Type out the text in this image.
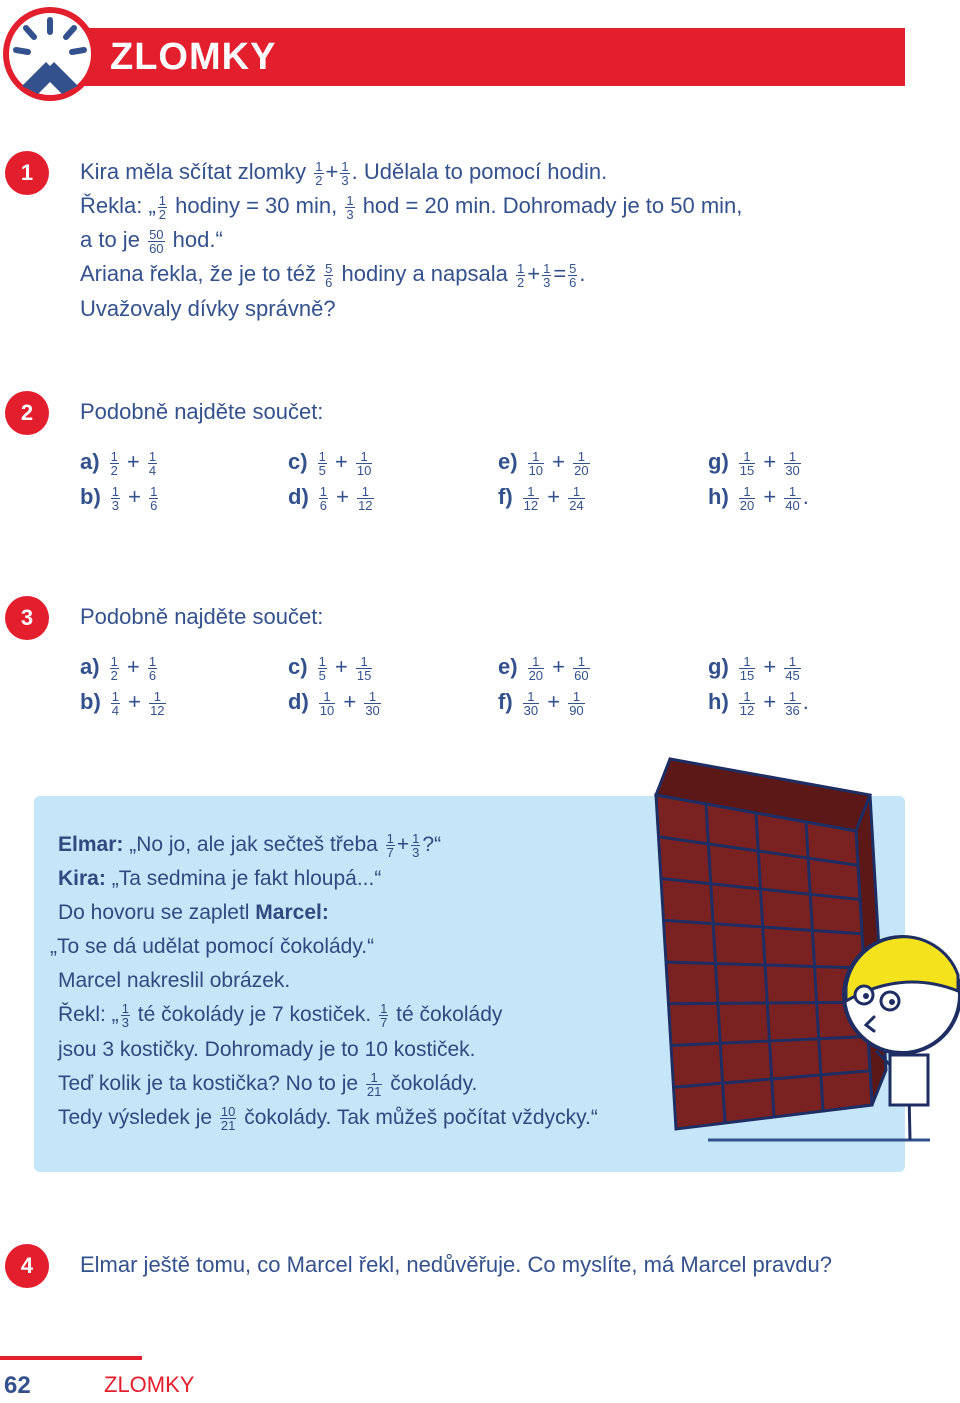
ZLOMKY
1	Kira měla sčítat zlomky $\frac{1}{2} + \frac{1}{3}$ . Udělala to pomocí hodin.
Řekla: „ $\frac{1}{2}$ hodiny = 30 min, $\frac{1}{3}$ hod = 20 min. Dohromady je to 50 min,
a to je $\frac{50}{60}$ hod.“
Ariana řekla, že je to též $\frac{5}{6}$ hodiny a napsala $\frac{1}{2} + \frac{1}{3} = \frac{5}{6}$ .
Uvažovaly dívky správně?
2	Podobně najděte součet:
$a) \frac{1}{2} + \frac{1}{4}$
$b) \frac{1}{3} + \frac{1}{6}$
$c) \frac{1}{5} + \frac{1}{10}$
$d) \frac{1}{6} + \frac{1}{12}$
$e) \frac{1}{10} + \frac{1}{20}$
$f) \frac{1}{12} + \frac{1}{24}$
$g) \frac{1}{15} + \frac{1}{30}$
$h) \frac{1}{20} + \frac{1}{40}$ .
3	Podobně najděte součet:
$a) \frac{1}{2} + \frac{1}{6}$
$b) \frac{1}{4} + \frac{1}{12}$
$c) \frac{1}{5} + \frac{1}{15}$
$d) \frac{1}{10} + \frac{1}{30}$
$e) \frac{1}{20} + \frac{1}{60}$
$f) \frac{1}{30} + \frac{1}{90}$
$g) \frac{1}{15} + \frac{1}{45}$
$h) \frac{1}{12} + \frac{1}{36}$ .
Elmar: „No jo, ale jak sečteš třeba $\frac{1}{7} + \frac{1}{3}$ ?“
Kira: „Ta sedmina je fakt hloupá...“
Do hovoru se zapletl Marcel:
„To se dá udělat pomocí čokolády.“
Marcel nakreslil obrázek.
Řekl: „ $\frac{1}{3}$ té čokolády je 7 kostiček. $\frac{1}{7}$ té čokolády
jsou 3 kostičky. Dohromady je to 10 kostiček.
Teď kolik je ta kostička? No to je $\frac{1}{21}$ čokolády.
Tedy výsledek je $\frac{10}{21}$ čokolády. Tak můžeš počítat vždycky.“
4	Elmar ještě tomu, co Marcel řekl, nedůvěřuje. Co myslíte, má Marcel pravdu?
62	ZLOMKY
